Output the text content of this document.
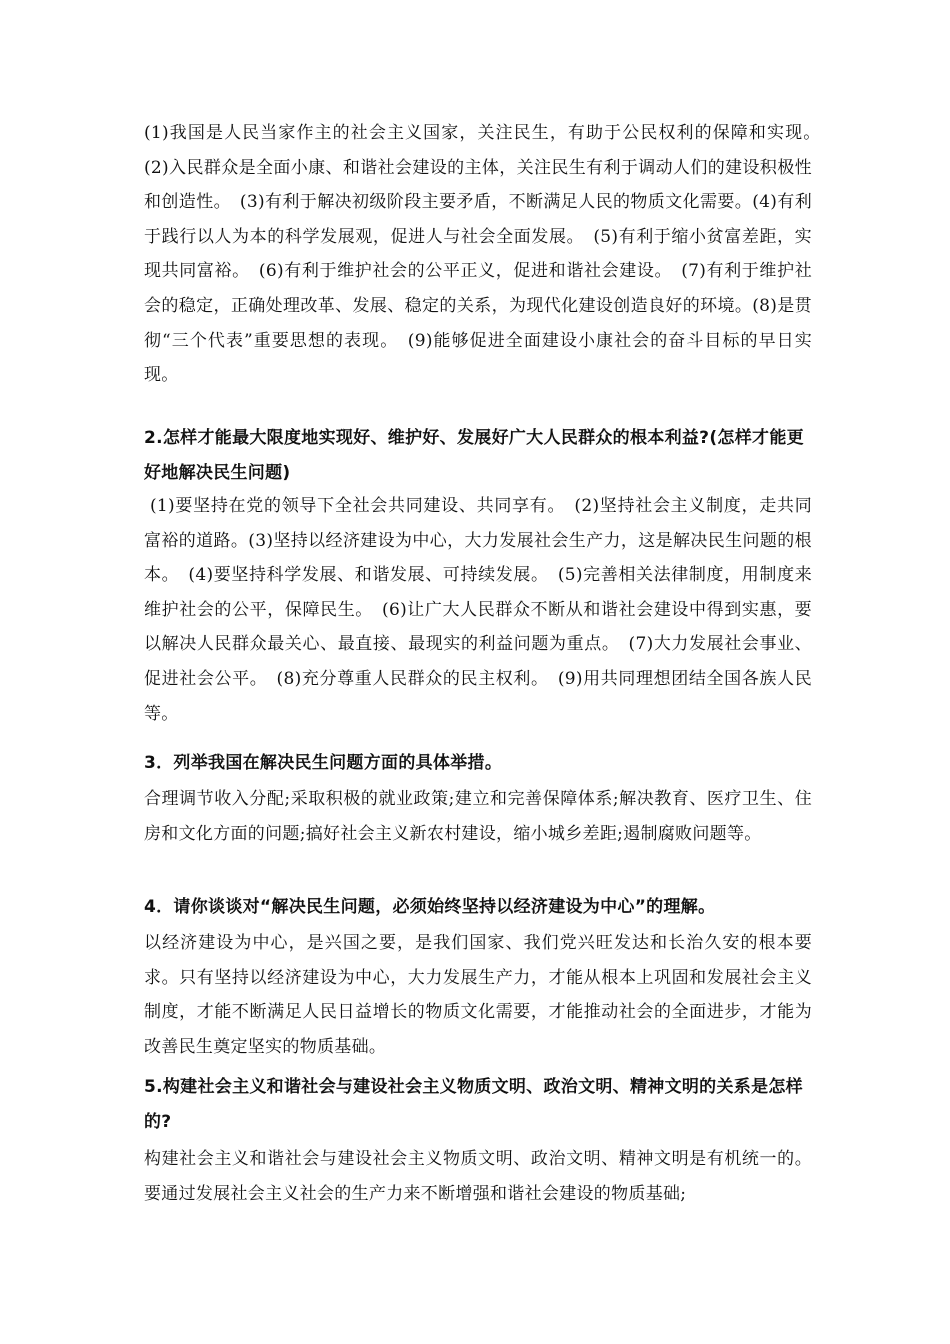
(1)我国是人民当家作主的社会主义国家，关注民生，有助于公民权利的保障和实现。　(2)入民群众是全面小康、和谐社会建设的主体，关注民生有利于调动人们的建设积极性和创造性。　(3)有利于解决初级阶段主要矛盾，不断满足人民的物质文化需要。(4)有利于践行以人为本的科学发展观，促进人与社会全面发展。　(5)有利于缩小贫富差距，实现共同富裕。　(6)有利于维护社会的公平正义，促进和谐社会建设。　(7)有利于维护社会的稳定，正确处理改革、发展、稳定的关系，为现代化建设创造良好的环境。(8)是贯彻“三个代表”重要思想的表现。　(9)能够促进全面建设小康社会的奋斗目标的早日实现。
2.怎样才能最大限度地实现好、维护好、发展好广大人民群众的根本利益?(怎样才能更好地解决民生问题)
(1)要坚持在党的领导下全社会共同建设、共同享有。　(2)坚持社会主义制度，走共同富裕的道路。(3)坚持以经济建设为中心，大力发展社会生产力，这是解决民生问题的根本。　(4)要坚持科学发展、和谐发展、可持续发展。　(5)完善相关法律制度，用制度来维护社会的公平，保障民生。　(6)让广大人民群众不断从和谐社会建设中得到实惠，要以解决人民群众最关心、最直接、最现实的利益问题为重点。　(7)大力发展社会事业、促进社会公平。　(8)充分尊重人民群众的民主权利。　(9)用共同理想团结全国各族人民等。
3．列举我国在解决民生问题方面的具体举措。
合理调节收入分配;采取积极的就业政策;建立和完善保障体系;解决教育、医疗卫生、住房和文化方面的问题;搞好社会主义新农村建设，缩小城乡差距;遏制腐败问题等。
4．请你谈谈对“解决民生问题，必须始终坚持以经济建设为中心”的理解。
以经济建设为中心，是兴国之要，是我们国家、我们党兴旺发达和长治久安的根本要求。只有坚持以经济建设为中心，大力发展生产力，才能从根本上巩固和发展社会主义制度，才能不断满足人民日益增长的物质文化需要，才能推动社会的全面进步，才能为改善民生奠定坚实的物质基础。
5.构建社会主义和谐社会与建设社会主义物质文明、政治文明、精神文明的关系是怎样的?
构建社会主义和谐社会与建设社会主义物质文明、政治文明、精神文明是有机统一的。要通过发展社会主义社会的生产力来不断增强和谐社会建设的物质基础;
